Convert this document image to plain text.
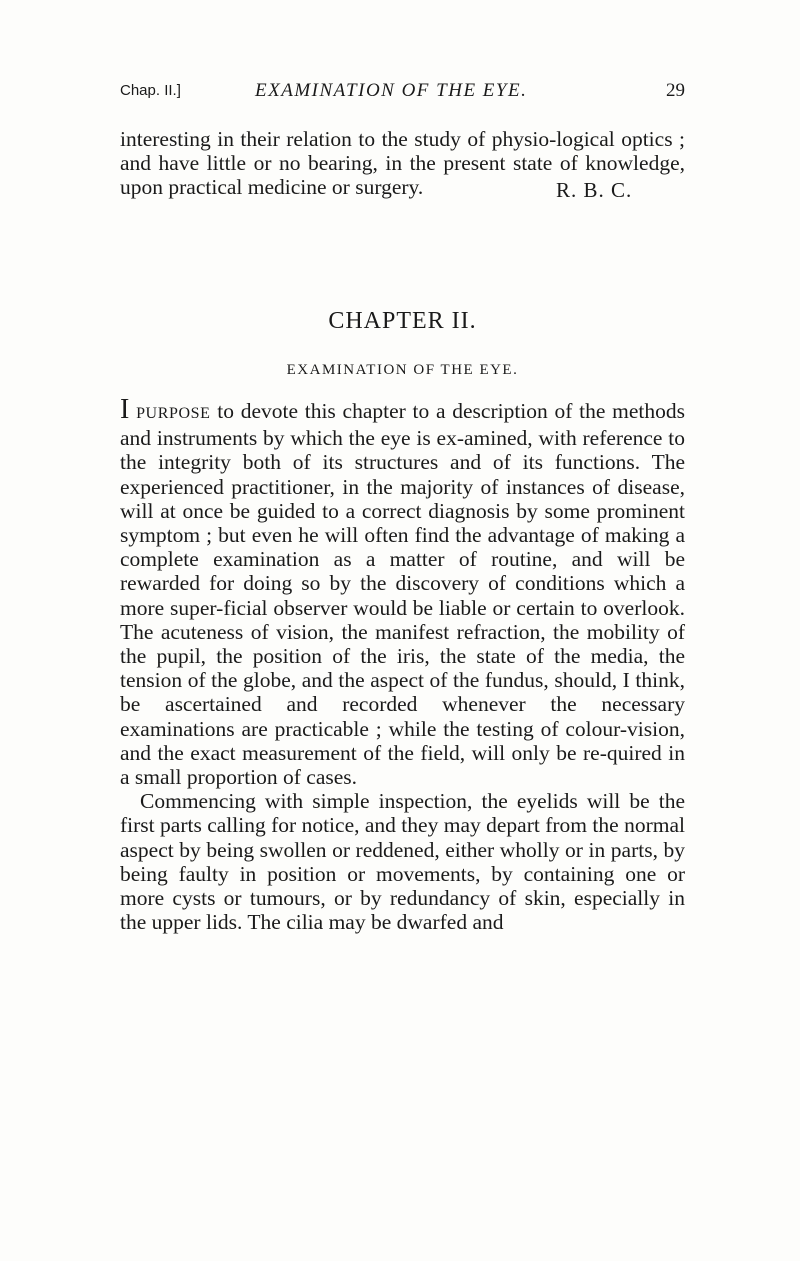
Chap. II.]	EXAMINATION OF THE EYE.	29

interesting in their relation to the study of physio-logical optics ; and have little or no bearing, in the present state of knowledge, upon practical medicine or surgery.	R. B. C.
CHAPTER II.
EXAMINATION OF THE EYE.

I PURPOSE to devote this chapter to a description of the methods and instruments by which the eye is ex-amined, with reference to the integrity both of its structures and of its functions. The experienced practitioner, in the majority of instances of disease, will at once be guided to a correct diagnosis by some prominent symptom ; but even he will often find the advantage of making a complete examination as a matter of routine, and will be rewarded for doing so by the discovery of conditions which a more super-ficial observer would be liable or certain to overlook. The acuteness of vision, the manifest refraction, the mobility of the pupil, the position of the iris, the state of the media, the tension of the globe, and the aspect of the fundus, should, I think, be ascertained and recorded whenever the necessary examinations are practicable ; while the testing of colour-vision, and the exact measurement of the field, will only be re-quired in a small proportion of cases.

Commencing with simple inspection, the eyelids will be the first parts calling for notice, and they may depart from the normal aspect by being swollen or reddened, either wholly or in parts, by being faulty in position or movements, by containing one or more cysts or tumours, or by redundancy of skin, especially in the upper lids. The cilia may be dwarfed and
